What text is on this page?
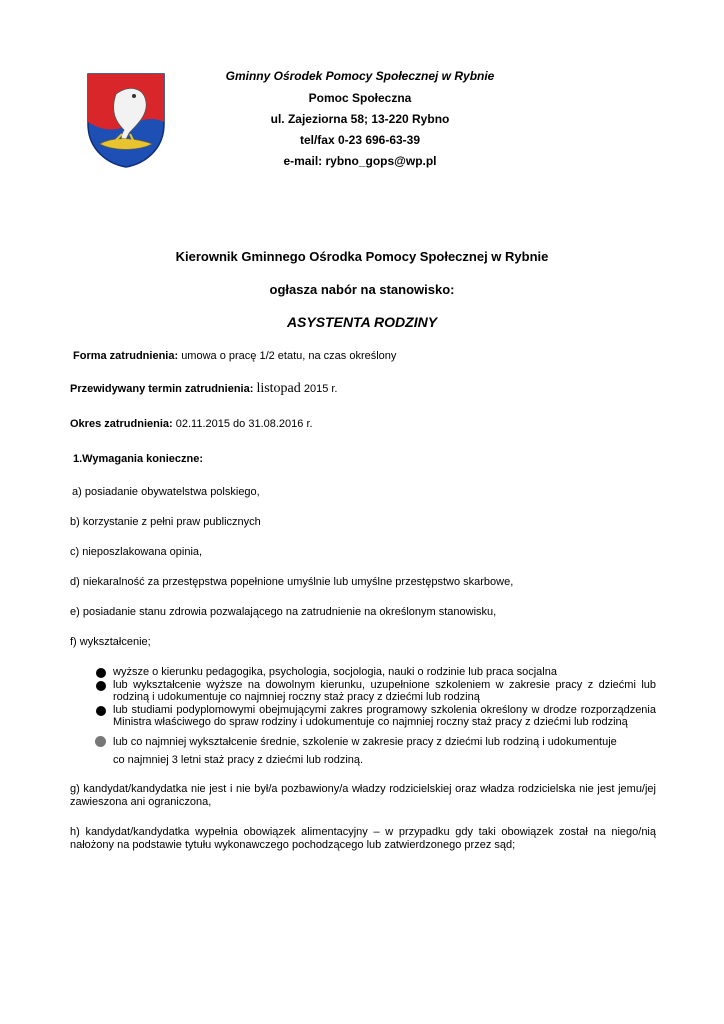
Gminny Ośrodek Pomocy Społecznej w Rybnie
Pomoc Społeczna
ul. Zajeziorna 58; 13-220 Rybno
tel/fax 0-23 696-63-39
e-mail: rybno_gops@wp.pl
Kierownik Gminnego Ośrodka Pomocy Społecznej w Rybnie
ogłasza nabór na stanowisko:
ASYSTENTA RODZINY
Forma zatrudnienia: umowa o pracę 1/2 etatu, na czas określony
Przewidywany termin zatrudnienia: listopad 2015 r.
Okres zatrudnienia: 02.11.2015 do 31.08.2016 r.
1.Wymagania konieczne:
a) posiadanie obywatelstwa polskiego,
b) korzystanie z pełni praw publicznych
c) nieposzlakowana opinia,
d) niekaralność za przestępstwa popełnione umyślnie lub umyślne przestępstwo skarbowe,
e) posiadanie stanu zdrowia pozwalającego na zatrudnienie na określonym stanowisku,
f) wykształcenie;
wyższe o kierunku pedagogika, psychologia, socjologia, nauki o rodzinie lub praca socjalna
lub wykształcenie wyższe na dowolnym kierunku, uzupełnione szkoleniem w zakresie pracy z dziećmi lub rodziną i udokumentuje co najmniej roczny staż pracy z dziećmi lub rodziną
lub studiami podyplomowymi obejmującymi zakres programowy szkolenia określony w drodze rozporządzenia Ministra właściwego do spraw rodziny i udokumentuje co najmniej roczny staż pracy z dziećmi lub rodziną
lub co najmniej wykształcenie średnie, szkolenie w zakresie pracy z dziećmi lub rodziną i udokumentuje
co najmniej 3 letni staż pracy z dziećmi lub rodziną.
g) kandydat/kandydatka nie jest i nie był/a pozbawiony/a władzy rodzicielskiej oraz władza rodzicielska nie jest jemu/jej zawieszona ani ograniczona,
h) kandydat/kandydatka wypełnia obowiązek alimentacyjny – w przypadku gdy taki obowiązek został na niego/nią nałożony na podstawie tytułu wykonawczego pochodzącego lub zatwierdzonego przez sąd;
